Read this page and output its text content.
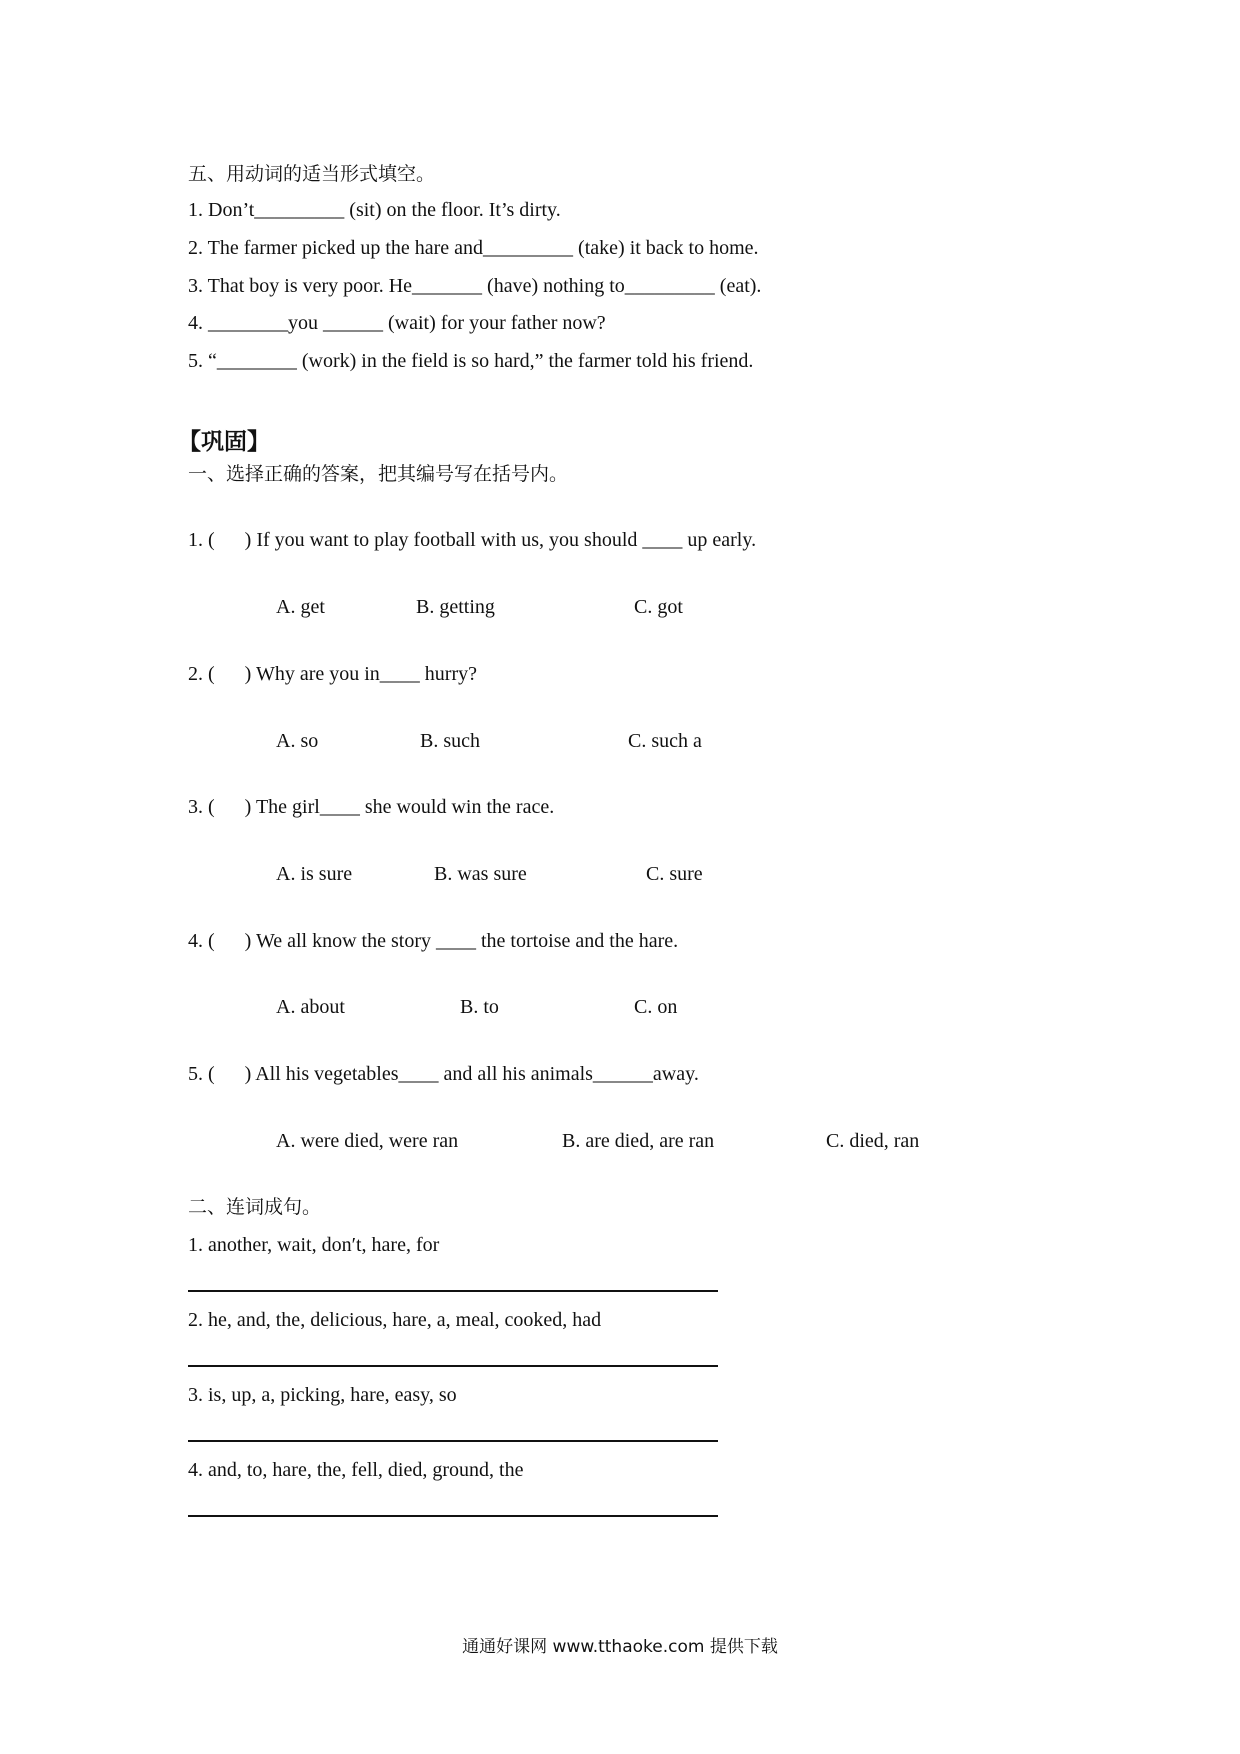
五、用动词的适当形式填空。
1. Don’t_________ (sit) on the floor. It’s dirty.
2. The farmer picked up the hare and_________ (take) it back to home.
3. That boy is very poor. He_______ (have) nothing to_________ (eat).
4. ________you ______ (wait) for your father now?
5. “________ (work) in the field is so hard,” the farmer told his friend.
【巩固】
一、选择正确的答案，把其编号写在括号内。
1. (      ) If you want to play football with us, you should ____ up early.
A. get	B. getting	C. got
2. (      ) Why are you in____ hurry?
A. so	B. such	C. such a
3. (      ) The girl____ she would win the race.
A. is sure	B. was sure	C. sure
4. (      ) We all know the story ____ the tortoise and the hare.
A. about	B. to	C. on
5. (      ) All his vegetables____ and all his animals______away.
A. were died, were ran	B. are died, are ran	C. died, ran
二、连词成句。
1. another, wait, don′t, hare, for
2. he, and, the, delicious, hare, a, meal, cooked, had
3. is, up, a, picking, hare, easy, so
4. and, to, hare, the, fell, died, ground, the
通通好课网 www.tthaoke.com 提供下载
